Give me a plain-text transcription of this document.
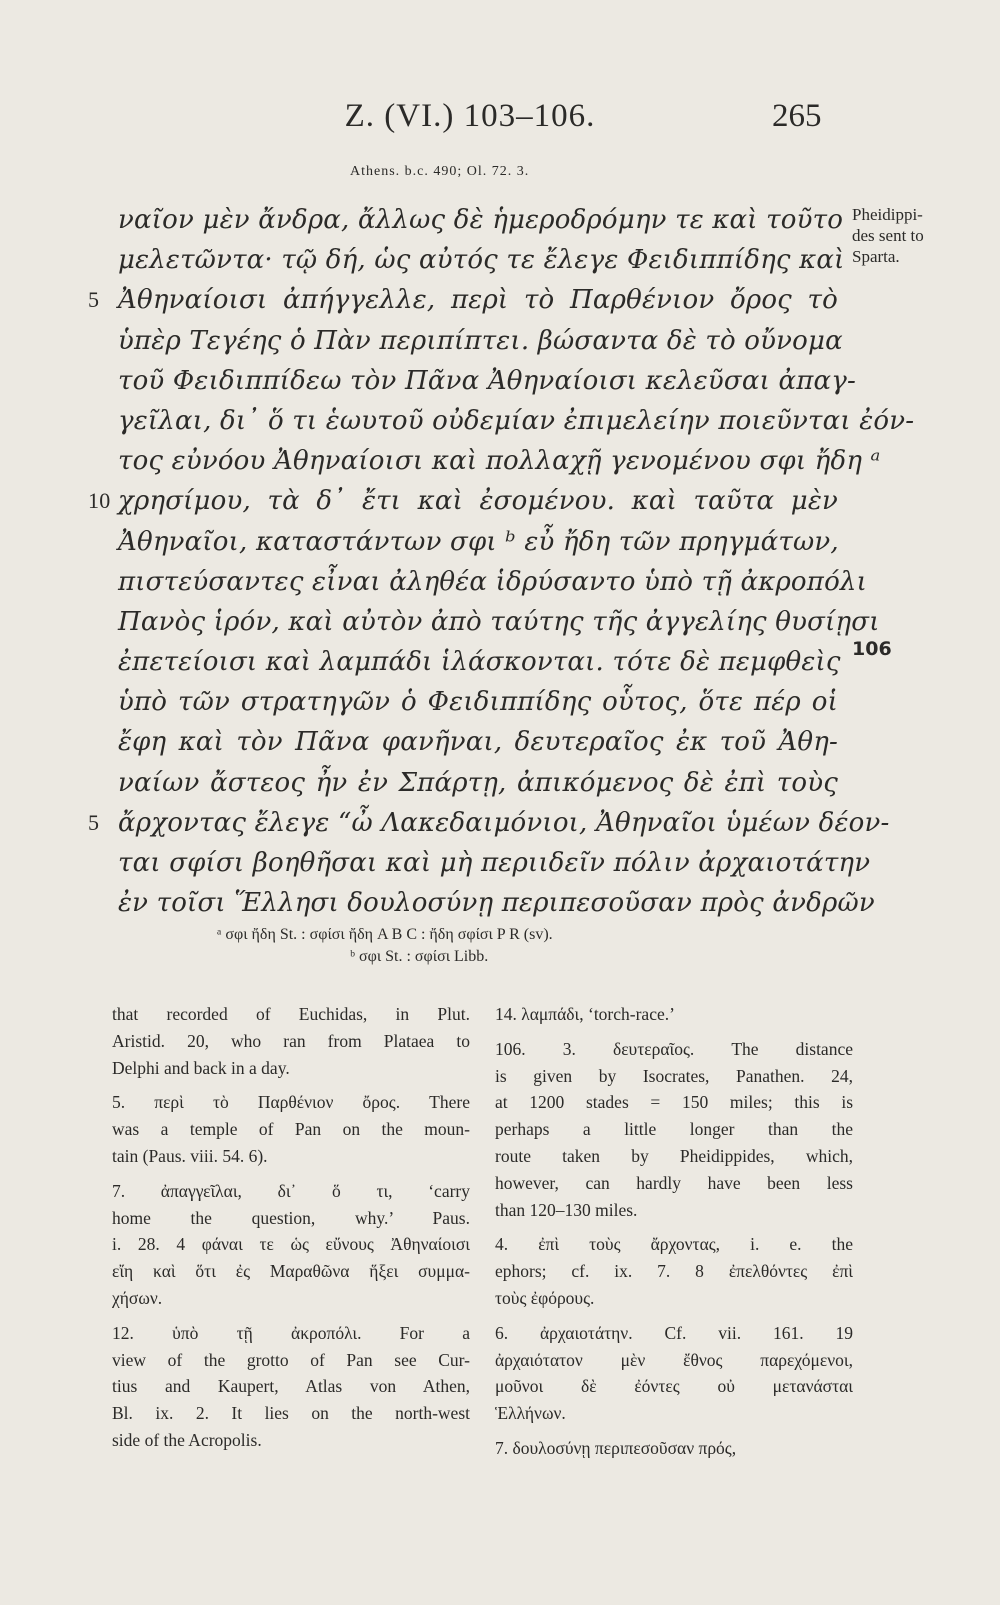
Ζ. (VI.) 103–106.	265
Athens. b.c. 490; Ol. 72. 3.
ναῖον μὲν ἄνδρα, ἄλλως δὲ ἡμεροδρόμην τε καὶ τοῦτο
μελετῶντα· τῷ δή, ὡς αὐτός τε ἔλεγε Φειδιππίδης καὶ
5 Ἀθηναίοισι ἀπήγγελλε, περὶ τὸ Παρθένιον ὄρος τὸ
ὑπὲρ Τεγέης ὁ Πὰν περιπίπτει. βώσαντα δὲ τὸ οὔνομα
τοῦ Φειδιππίδεω τὸν Πᾶνα Ἀθηναίοισι κελεῦσαι ἀπαγ-
γεῖλαι, δι᾽ ὅ τι ἑωυτοῦ οὐδεμίαν ἐπιμελείην ποιεῦνται ἐόν-
τος εὐνόου Ἀθηναίοισι καὶ πολλαχῇ γενομένου σφι ἤδη ᵃ
10 χρησίμου, τὰ δ᾽ ἔτι καὶ ἐσομένου. καὶ ταῦτα μὲν
Ἀθηναῖοι, καταστάντων σφι ᵇ εὖ ἤδη τῶν πρηγμάτων,
πιστεύσαντες εἶναι ἀληθέα ἱδρύσαντο ὑπὸ τῇ ἀκροπόλι
Πανὸς ἱρόν, καὶ αὐτὸν ἀπὸ ταύτης τῆς ἀγγελίης θυσίῃσι
ἐπετείοισι καὶ λαμπάδι ἱλάσκονται. τότε δὲ πεμφθεὶς
ὑπὸ τῶν στρατηγῶν ὁ Φειδιππίδης οὗτος, ὅτε πέρ οἱ
ἔφη καὶ τὸν Πᾶνα φανῆναι, δευτεραῖος ἐκ τοῦ Ἀθη-
ναίων ἄστεος ἦν ἐν Σπάρτῃ, ἀπικόμενος δὲ ἐπὶ τοὺς
5 ἄρχοντας ἔλεγε “ὦ Λακεδαιμόνιοι, Ἀθηναῖοι ὑμέων δέον-
ται σφίσι βοηθῆσαι καὶ μὴ περιιδεῖν πόλιν ἀρχαιοτάτην
ἐν τοῖσι Ἕλλησι δουλοσύνῃ περιπεσοῦσαν πρὸς ἀνδρῶν
Pheidippi-
des sent to
Sparta.
106
ᵃ σφι ἤδη St. : σφίσι ἤδη A B C : ἤδη σφίσι P R (sv).
ᵇ σφι St. : σφίσι Libb.
that recorded of Euchidas, in Plut.
Aristid. 20, who ran from Plataea to
Delphi and back in a day.
5. περὶ τὸ Παρθένιον ὄρος. There
was a temple of Pan on the moun-
tain (Paus. viii. 54. 6).
7. ἀπαγγεῖλαι, δι᾽ ὅ τι, ‘carry
home the question, why.’ Paus.
i. 28. 4 φάναι τε ὡς εὔνους Ἀθηναίοισι
εἴη καὶ ὅτι ἐς Μαραθῶνα ἥξει συμμα-
χήσων.
12. ὑπὸ τῇ ἀκροπόλι. For a
view of the grotto of Pan see Cur-
tius and Kaupert, Atlas von Athen,
Bl. ix. 2. It lies on the north-west
side of the Acropolis.
14. λαμπάδι, ‘torch-race.’
106. 3. δευτεραῖος. The distance
is given by Isocrates, Panathen. 24,
at 1200 stades = 150 miles; this is
perhaps a little longer than the
route taken by Pheidippides, which,
however, can hardly have been less
than 120–130 miles.
4. ἐπὶ τοὺς ἄρχοντας, i. e. the
ephors; cf. ix. 7. 8 ἐπελθόντες ἐπὶ
τοὺς ἐφόρους.
6. ἀρχαιοτάτην. Cf. vii. 161. 19
ἀρχαιότατον μὲν ἔθνος παρεχόμενοι,
μοῦνοι δὲ ἐόντες οὐ μετανάσται
Ἑλλήνων.
7. δουλοσύνῃ περιπεσοῦσαν πρός,
